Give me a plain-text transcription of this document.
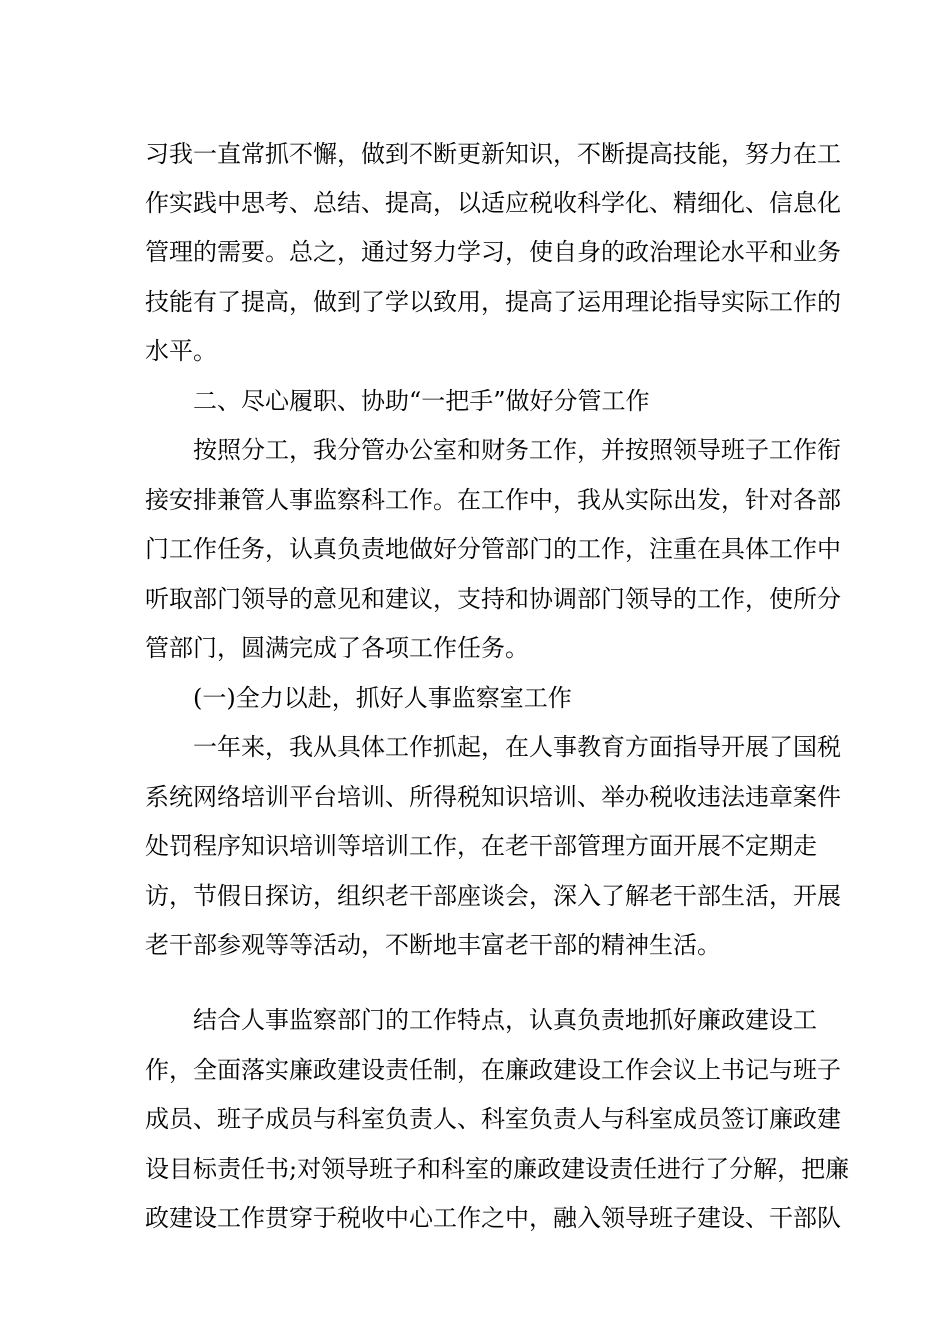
习我一直常抓不懈，做到不断更新知识，不断提高技能，努力在工
作实践中思考、总结、提高，以适应税收科学化、精细化、信息化
管理的需要。总之，通过努力学习，使自身的政治理论水平和业务
技能有了提高，做到了学以致用，提高了运用理论指导实际工作的
水平。
二、尽心履职、协助“一把手”做好分管工作
按照分工，我分管办公室和财务工作，并按照领导班子工作衔
接安排兼管人事监察科工作。在工作中，我从实际出发，针对各部
门工作任务，认真负责地做好分管部门的工作，注重在具体工作中
听取部门领导的意见和建议，支持和协调部门领导的工作，使所分
管部门，圆满完成了各项工作任务。
(一)全力以赴，抓好人事监察室工作
一年来，我从具体工作抓起，在人事教育方面指导开展了国税
系统网络培训平台培训、所得税知识培训、举办税收违法违章案件
处罚程序知识培训等培训工作，在老干部管理方面开展不定期走
访，节假日探访，组织老干部座谈会，深入了解老干部生活，开展
老干部参观等等活动，不断地丰富老干部的精神生活。
结合人事监察部门的工作特点，认真负责地抓好廉政建设工
作，全面落实廉政建设责任制，在廉政建设工作会议上书记与班子
成员、班子成员与科室负责人、科室负责人与科室成员签订廉政建
设目标责任书;对领导班子和科室的廉政建设责任进行了分解，把廉
政建设工作贯穿于税收中心工作之中，融入领导班子建设、干部队
